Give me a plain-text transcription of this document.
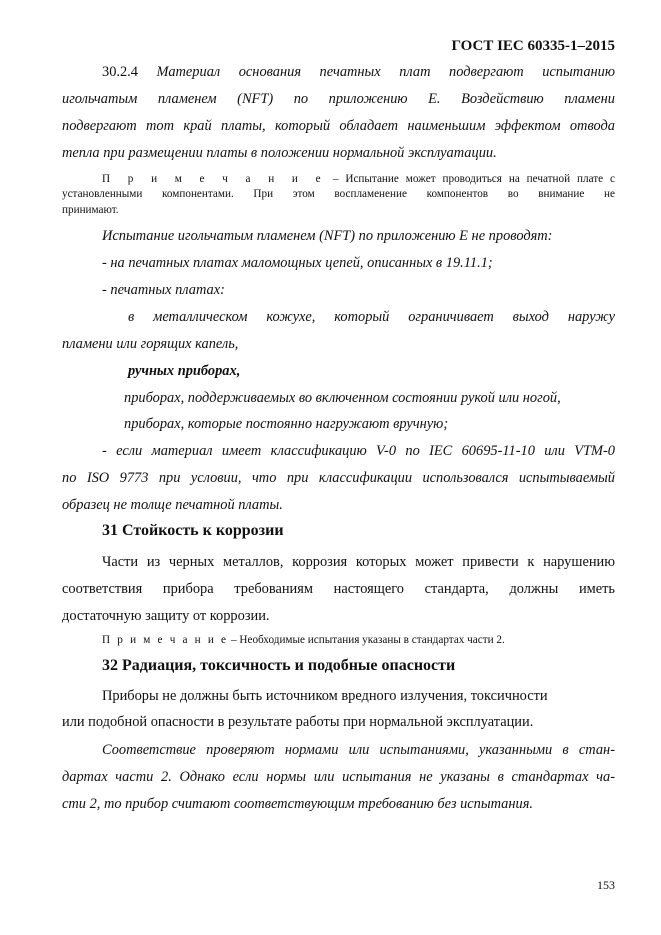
ГОСТ IEC 60335-1–2015
30.2.4 Материал основания печатных плат подвергают испытанию
игольчатым пламенем (NFT) по приложению E. Воздействию пламени
подвергают тот край платы, который обладает наименьшим эффектом отвода
тепла при размещении платы в положении нормальной эксплуатации.
П р и м е ч а н и е – Испытание может проводиться на печатной плате с
установленными компонентами. При этом воспламенение компонентов во внимание не
принимают.
Испытание игольчатым пламенем (NFT) по приложению E не проводят:
- на печатных платах маломощных цепей, описанных в 19.11.1;
- печатных платах:
в металлическом кожухе, который ограничивает выход наружу
пламени или горящих капель,
ручных приборах,
приборах, поддерживаемых во включенном состоянии рукой или ногой,
приборах, которые постоянно нагружают вручную;
- если материал имеет классификацию V-0 по IEC 60695-11-10 или VTM-0
по ISO 9773 при условии, что при классификации использовался испытываемый
образец не толще печатной платы.
31 Стойкость к коррозии
Части из черных металлов, коррозия которых может привести к нарушению
соответствия прибора требованиям настоящего стандарта, должны иметь
достаточную защиту от коррозии.
П р и м е ч а н и е – Необходимые испытания указаны в стандартах части 2.
32 Радиация, токсичность и подобные опасности
Приборы не должны быть источником вредного излучения, токсичности
или подобной опасности в результате работы при нормальной эксплуатации.
Соответствие проверяют нормами или испытаниями, указанными в стан-
дартах части 2. Однако если нормы или испытания не указаны в стандартах ча-
сти 2, то прибор считают соответствующим требованию без испытания.
153
